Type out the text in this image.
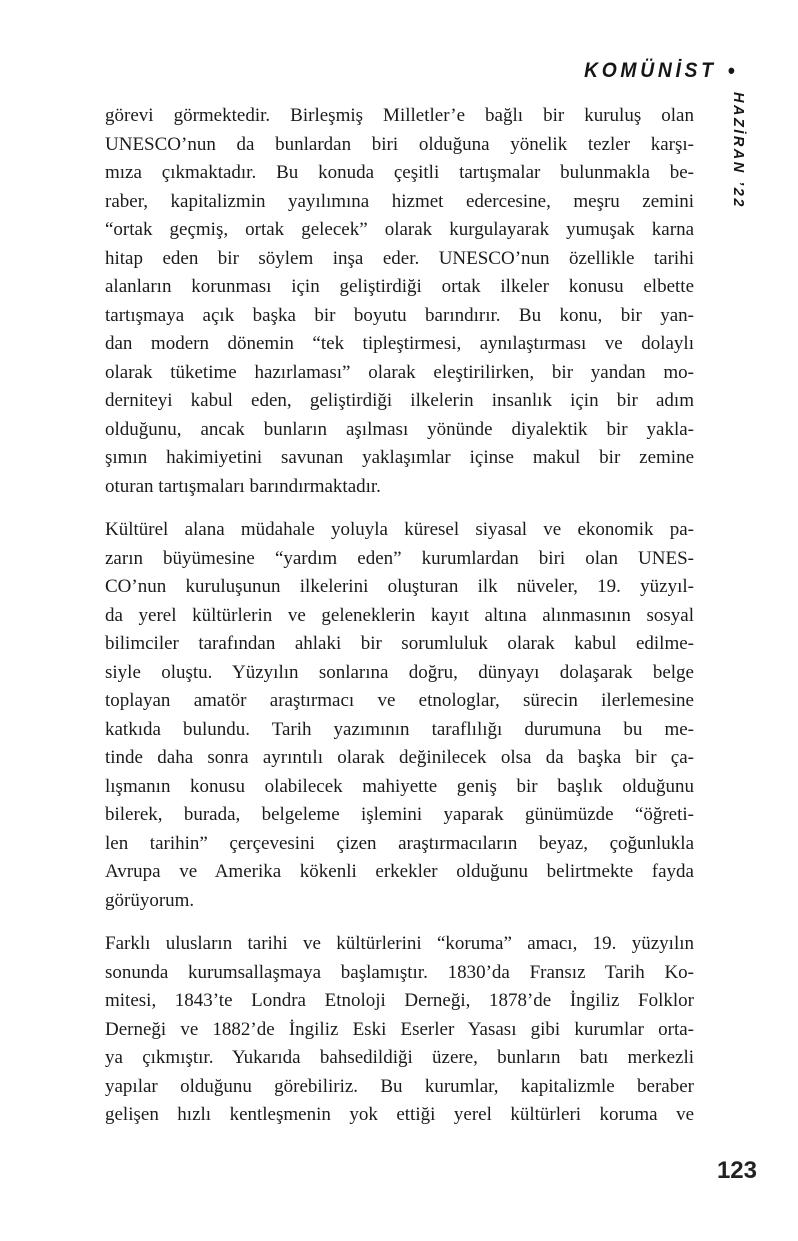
KOMÜNİST •
HAZİRAN ’22
görevi görmektedir. Birleşmiş Milletler’e bağlı bir kuruluş olan
UNESCO’nun da bunlardan biri olduğuna yönelik tezler karşı-
mıza çıkmaktadır. Bu konuda çeşitli tartışmalar bulunmakla be-
raber, kapitalizmin yayılımına hizmet edercesine, meşru zemini
“ortak geçmiş, ortak gelecek” olarak kurgulayarak yumuşak karna
hitap eden bir söylem inşa eder. UNESCO’nun özellikle tarihi
alanların korunması için geliştirdiği ortak ilkeler konusu elbette
tartışmaya açık başka bir boyutu barındırır. Bu konu, bir yan-
dan modern dönemin “tek tipleştirmesi, aynılaştırması ve dolaylı
olarak tüketime hazırlaması” olarak eleştirilirken, bir yandan mo-
derniteyi kabul eden, geliştirdiği ilkelerin insanlık için bir adım
olduğunu, ancak bunların aşılması yönünde diyalektik bir yakla-
şımın hakimiyetini savunan yaklaşımlar içinse makul bir zemine
oturan tartışmaları barındırmaktadır.
Kültürel alana müdahale yoluyla küresel siyasal ve ekonomik pa-
zarın büyümesine “yardım eden” kurumlardan biri olan UNES-
CO’nun kuruluşunun ilkelerini oluşturan ilk nüveler, 19. yüzyıl-
da yerel kültürlerin ve geleneklerin kayıt altına alınmasının sosyal
bilimciler tarafından ahlaki bir sorumluluk olarak kabul edilme-
siyle oluştu. Yüzyılın sonlarına doğru, dünyayı dolaşarak belge
toplayan amatör araştırmacı ve etnologlar, sürecin ilerlemesine
katkıda bulundu. Tarih yazımının taraflılığı durumuna bu me-
tinde daha sonra ayrıntılı olarak değinilecek olsa da başka bir ça-
lışmanın konusu olabilecek mahiyette geniş bir başlık olduğunu
bilerek, burada, belgeleme işlemini yaparak günümüzde “öğreti-
len tarihin” çerçevesini çizen araştırmacıların beyaz, çoğunlukla
Avrupa ve Amerika kökenli erkekler olduğunu belirtmekte fayda
görüyorum.
Farklı ulusların tarihi ve kültürlerini “koruma” amacı, 19. yüzyılın
sonunda kurumsallaşmaya başlamıştır. 1830’da Fransız Tarih Ko-
mitesi, 1843’te Londra Etnoloji Derneği, 1878’de İngiliz Folklor
Derneği ve 1882’de İngiliz Eski Eserler Yasası gibi kurumlar orta-
ya çıkmıştır. Yukarıda bahsedildiği üzere, bunların batı merkezli
yapılar olduğunu görebiliriz. Bu kurumlar, kapitalizmle beraber
gelişen hızlı kentleşmenin yok ettiği yerel kültürleri koruma ve
123
